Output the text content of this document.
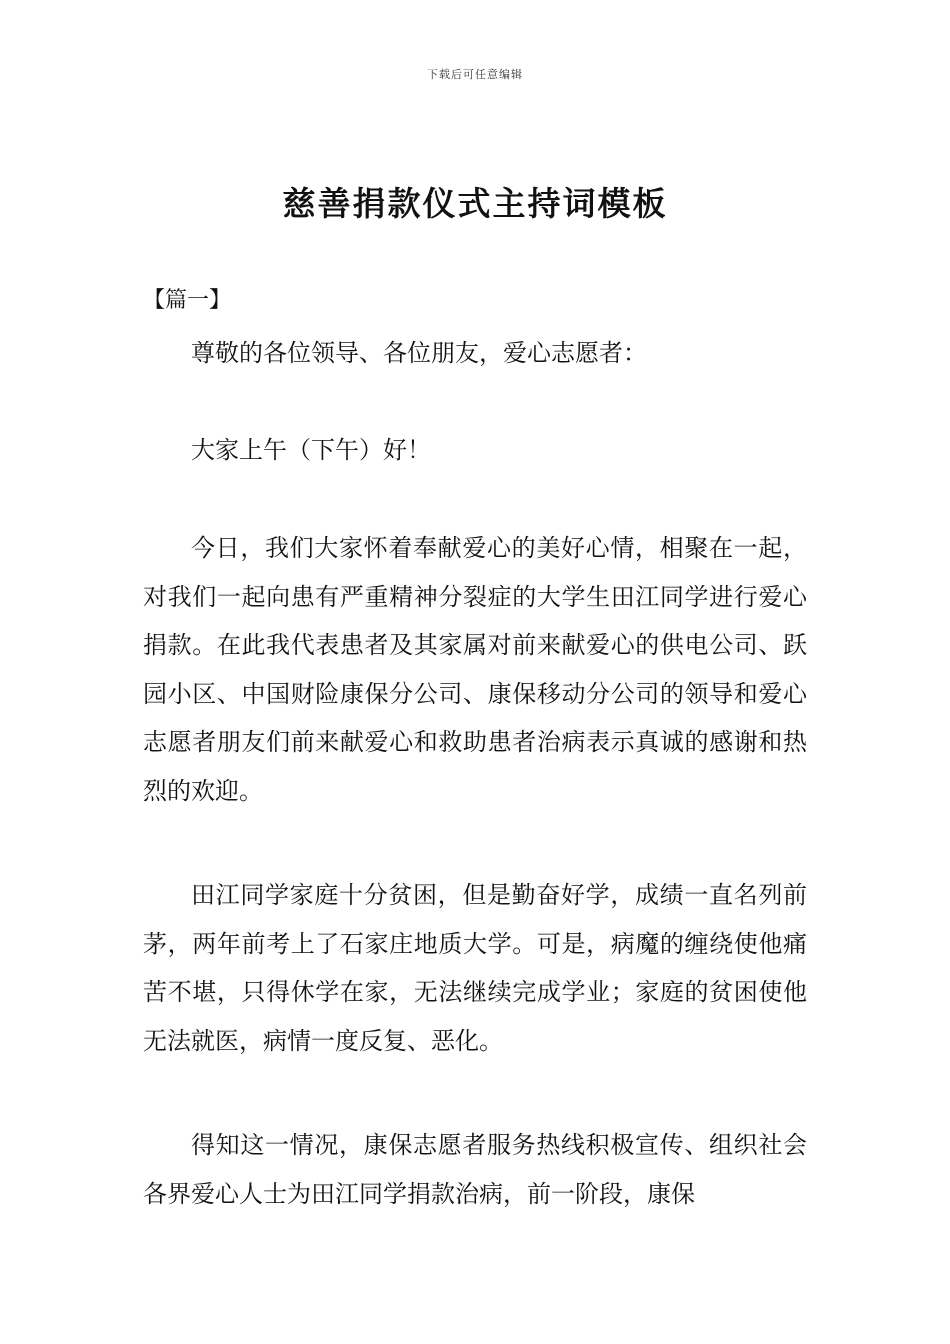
下载后可任意编辑
慈善捐款仪式主持词模板
【篇一】

尊敬的各位领导、各位朋友，爱心志愿者：

大家上午（下午）好！

今日，我们大家怀着奉献爱心的美好心情，相聚在一起，对我们一起向患有严重精神分裂症的大学生田江同学进行爱心捐款。在此我代表患者及其家属对前来献爱心的供电公司、跃园小区、中国财险康保分公司、康保移动分公司的领导和爱心志愿者朋友们前来献爱心和救助患者治病表示真诚的感谢和热烈的欢迎。

田江同学家庭十分贫困，但是勤奋好学，成绩一直名列前茅，两年前考上了石家庄地质大学。可是，病魔的缠绕使他痛苦不堪，只得休学在家，无法继续完成学业；家庭的贫困使他无法就医，病情一度反复、恶化。

得知这一情况，康保志愿者服务热线积极宣传、组织社会各界爱心人士为田江同学捐款治病，前一阶段，康保
